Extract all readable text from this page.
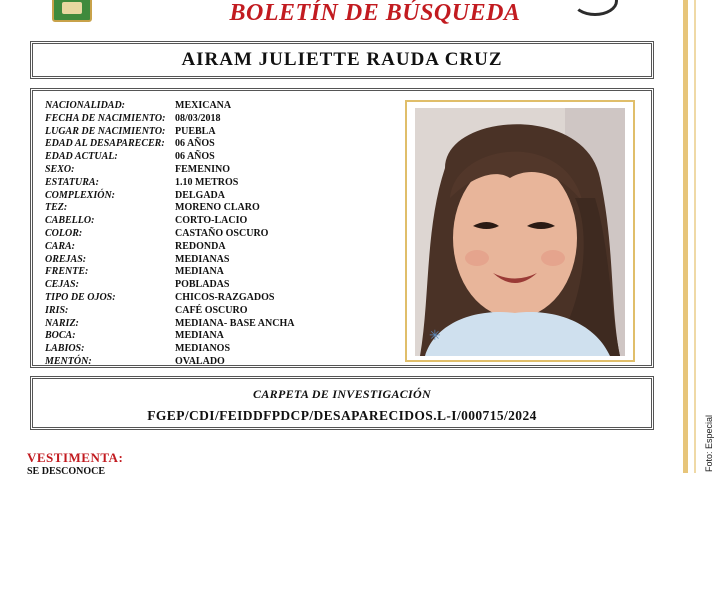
BOLETÍN DE BÚSQUEDA
AIRAM JULIETTE RAUDA CRUZ
NACIONALIDAD:	MEXICANA
FECHA DE NACIMIENTO: 08/03/2018
LUGAR DE NACIMIENTO: PUEBLA
EDAD AL DESAPARECER:	06 AÑOS
EDAD ACTUAL:	06 AÑOS
SEXO:	FEMENINO
ESTATURA:	1.10 METROS
COMPLEXIÓN:	DELGADA
TEZ:	MORENO CLARO
CABELLO:	CORTO-LACIO
COLOR:	CASTAÑO OSCURO
CARA:	REDONDA
OREJAS:	MEDIANAS
FRENTE:	MEDIANA
CEJAS:	POBLADAS
TIPO DE OJOS:	CHICOS-RAZGADOS
IRIS:	CAFÉ OSCURO
NARIZ:	MEDIANA- BASE ANCHA
BOCA:	MEDIANA
LABIOS:	MEDIANOS
MENTÓN:	OVALADO
✳
CARPETA DE INVESTIGACIÓN
FGEP/CDI/FEIDDFPDCP/DESAPARECIDOS.L-I/000715/2024
VESTIMENTA:
SE DESCONOCE	Foto: Especial
